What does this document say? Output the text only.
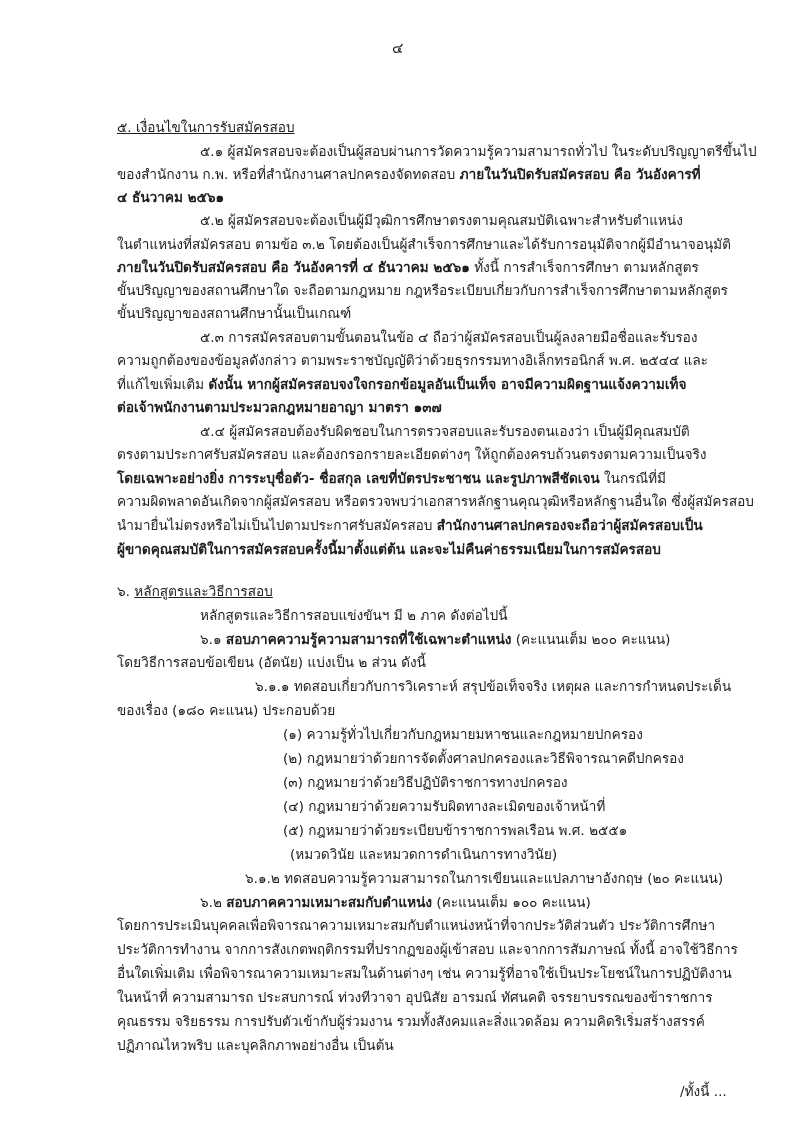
๔
๕. เงื่อนไขในการรับสมัครสอบ
๕.๑ ผู้สมัครสอบจะต้องเป็นผู้สอบผ่านการวัดความรู้ความสามารถทั่วไป ในระดับปริญญาตรีขึ้นไป
ของสำนักงาน ก.พ. หรือที่สำนักงานศาลปกครองจัดทดสอบ ภายในวันปิดรับสมัครสอบ คือ วันอังคารที่
๔ ธันวาคม ๒๕๖๑
๕.๒ ผู้สมัครสอบจะต้องเป็นผู้มีวุฒิการศึกษาตรงตามคุณสมบัติเฉพาะสำหรับตำแหน่ง
ในตำแหน่งที่สมัครสอบ ตามข้อ ๓.๒ โดยต้องเป็นผู้สำเร็จการศึกษาและได้รับการอนุมัติจากผู้มีอำนาจอนุมัติ
ภายในวันปิดรับสมัครสอบ คือ วันอังคารที่ ๔ ธันวาคม ๒๕๖๑ ทั้งนี้ การสำเร็จการศึกษา ตามหลักสูตร
ขั้นปริญญาของสถานศึกษาใด จะถือตามกฎหมาย กฎหรือระเบียบเกี่ยวกับการสำเร็จการศึกษาตามหลักสูตร
ขั้นปริญญาของสถานศึกษานั้นเป็นเกณฑ์
๕.๓ การสมัครสอบตามขั้นตอนในข้อ ๔ ถือว่าผู้สมัครสอบเป็นผู้ลงลายมือชื่อและรับรอง
ความถูกต้องของข้อมูลดังกล่าว ตามพระราชบัญญัติว่าด้วยธุรกรรมทางอิเล็กทรอนิกส์ พ.ศ. ๒๕๔๔ และ
ที่แก้ไขเพิ่มเติม ดังนั้น หากผู้สมัครสอบจงใจกรอกข้อมูลอันเป็นเท็จ อาจมีความผิดฐานแจ้งความเท็จ
ต่อเจ้าพนักงานตามประมวลกฎหมายอาญา มาตรา ๑๓๗
๕.๔ ผู้สมัครสอบต้องรับผิดชอบในการตรวจสอบและรับรองตนเองว่า เป็นผู้มีคุณสมบัติ
ตรงตามประกาศรับสมัครสอบ และต้องกรอกรายละเอียดต่างๆ ให้ถูกต้องครบถ้วนตรงตามความเป็นจริง
โดยเฉพาะอย่างยิ่ง การระบุชื่อตัว- ชื่อสกุล เลขที่บัตรประชาชน และรูปภาพสีชัดเจน ในกรณีที่มี
ความผิดพลาดอันเกิดจากผู้สมัครสอบ หรือตรวจพบว่าเอกสารหลักฐานคุณวุฒิหรือหลักฐานอื่นใด ซึ่งผู้สมัครสอบ
นำมายื่นไม่ตรงหรือไม่เป็นไปตามประกาศรับสมัครสอบ สำนักงานศาลปกครองจะถือว่าผู้สมัครสอบเป็น
ผู้ขาดคุณสมบัติในการสมัครสอบครั้งนี้มาตั้งแต่ต้น และจะไม่คืนค่าธรรมเนียมในการสมัครสอบ
๖. หลักสูตรและวิธีการสอบ
หลักสูตรและวิธีการสอบแข่งขันฯ มี ๒ ภาค ดังต่อไปนี้
๖.๑ สอบภาคความรู้ความสามารถที่ใช้เฉพาะตำแหน่ง (คะแนนเต็ม ๒๐๐ คะแนน)
โดยวิธีการสอบข้อเขียน (อัตนัย) แบ่งเป็น ๒ ส่วน ดังนี้
๖.๑.๑ ทดสอบเกี่ยวกับการวิเคราะห์ สรุปข้อเท็จจริง เหตุผล และการกำหนดประเด็น
ของเรื่อง (๑๘๐ คะแนน) ประกอบด้วย
(๑) ความรู้ทั่วไปเกี่ยวกับกฎหมายมหาชนและกฎหมายปกครอง
(๒) กฎหมายว่าด้วยการจัดตั้งศาลปกครองและวิธีพิจารณาคดีปกครอง
(๓) กฎหมายว่าด้วยวิธีปฏิบัติราชการทางปกครอง
(๔) กฎหมายว่าด้วยความรับผิดทางละเมิดของเจ้าหน้าที่
(๕) กฎหมายว่าด้วยระเบียบข้าราชการพลเรือน พ.ศ. ๒๕๕๑
(หมวดวินัย และหมวดการดำเนินการทางวินัย)
๖.๑.๒ ทดสอบความรู้ความสามารถในการเขียนและแปลภาษาอังกฤษ (๒๐ คะแนน)
๖.๒ สอบภาคความเหมาะสมกับตำแหน่ง (คะแนนเต็ม ๑๐๐ คะแนน)
โดยการประเมินบุคคลเพื่อพิจารณาความเหมาะสมกับตำแหน่งหน้าที่จากประวัติส่วนตัว ประวัติการศึกษา
ประวัติการทำงาน จากการสังเกตพฤติกรรมที่ปรากฏของผู้เข้าสอบ และจากการสัมภาษณ์ ทั้งนี้ อาจใช้วิธีการ
อื่นใดเพิ่มเติม เพื่อพิจารณาความเหมาะสมในด้านต่างๆ เช่น ความรู้ที่อาจใช้เป็นประโยชน์ในการปฏิบัติงาน
ในหน้าที่ ความสามารถ ประสบการณ์ ท่วงทีวาจา อุปนิสัย อารมณ์ ทัศนคติ จรรยาบรรณของข้าราชการ
คุณธรรม จริยธรรม การปรับตัวเข้ากับผู้ร่วมงาน รวมทั้งสังคมและสิ่งแวดล้อม ความคิดริเริ่มสร้างสรรค์
ปฏิภาณไหวพริบ และบุคลิกภาพอย่างอื่น เป็นต้น
/ทั้งนี้ ...
